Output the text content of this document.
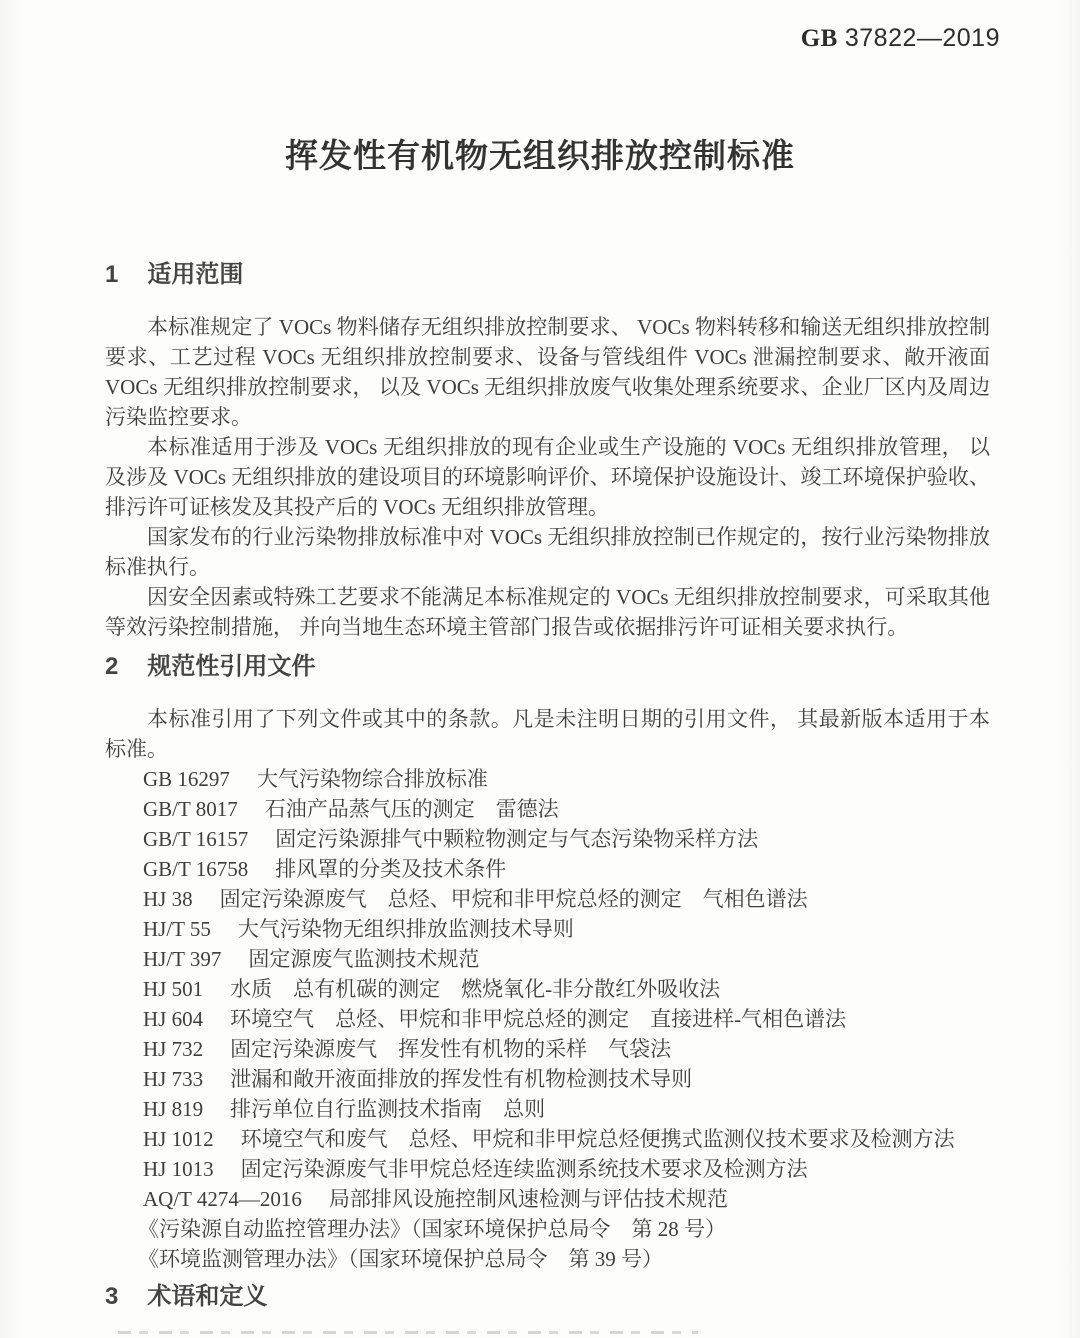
GB 37822—2019
挥发性有机物无组织排放控制标准
1 适用范围

本标准规定了 VOCs 物料储存无组织排放控制要求、 VOCs 物料转移和输送无组织排放控制要求、工艺过程 VOCs 无组织排放控制要求、设备与管线组件 VOCs 泄漏控制要求、敞开液面 VOCs 无组织排放控制要求， 以及 VOCs 无组织排放废气收集处理系统要求、企业厂区内及周边污染监控要求。

本标准适用于涉及 VOCs 无组织排放的现有企业或生产设施的 VOCs 无组织排放管理， 以及涉及 VOCs 无组织排放的建设项目的环境影响评价、环境保护设施设计、竣工环境保护验收、排污许可证核发及其投产后的 VOCs 无组织排放管理。

国家发布的行业污染物排放标准中对 VOCs 无组织排放控制已作规定的，按行业污染物排放标准执行。

因安全因素或特殊工艺要求不能满足本标准规定的 VOCs 无组织排放控制要求，可采取其他等效污染控制措施， 并向当地生态环境主管部门报告或依据排污许可证相关要求执行。

2 规范性引用文件

本标准引用了下列文件或其中的条款。凡是未注明日期的引用文件， 其最新版本适用于本标准。

GB 16297 大气污染物综合排放标准
GB/T 8017 石油产品蒸气压的测定　雷德法
GB/T 16157 固定污染源排气中颗粒物测定与气态污染物采样方法
GB/T 16758 排风罩的分类及技术条件
HJ 38 固定污染源废气　总烃、甲烷和非甲烷总烃的测定　气相色谱法
HJ/T 55 大气污染物无组织排放监测技术导则
HJ/T 397 固定源废气监测技术规范
HJ 501 水质　总有机碳的测定　燃烧氧化-非分散红外吸收法
HJ 604 环境空气　总烃、甲烷和非甲烷总烃的测定　直接进样-气相色谱法
HJ 732 固定污染源废气　挥发性有机物的采样　气袋法
HJ 733 泄漏和敞开液面排放的挥发性有机物检测技术导则
HJ 819 排污单位自行监测技术指南　总则
HJ 1012 环境空气和废气　总烃、甲烷和非甲烷总烃便携式监测仪技术要求及检测方法
HJ 1013 固定污染源废气非甲烷总烃连续监测系统技术要求及检测方法
AQ/T 4274—2016 局部排风设施控制风速检测与评估技术规范
《污染源自动监控管理办法》（国家环境保护总局令　第 28 号）
《环境监测管理办法》（国家环境保护总局令　第 39 号）
3 术语和定义
